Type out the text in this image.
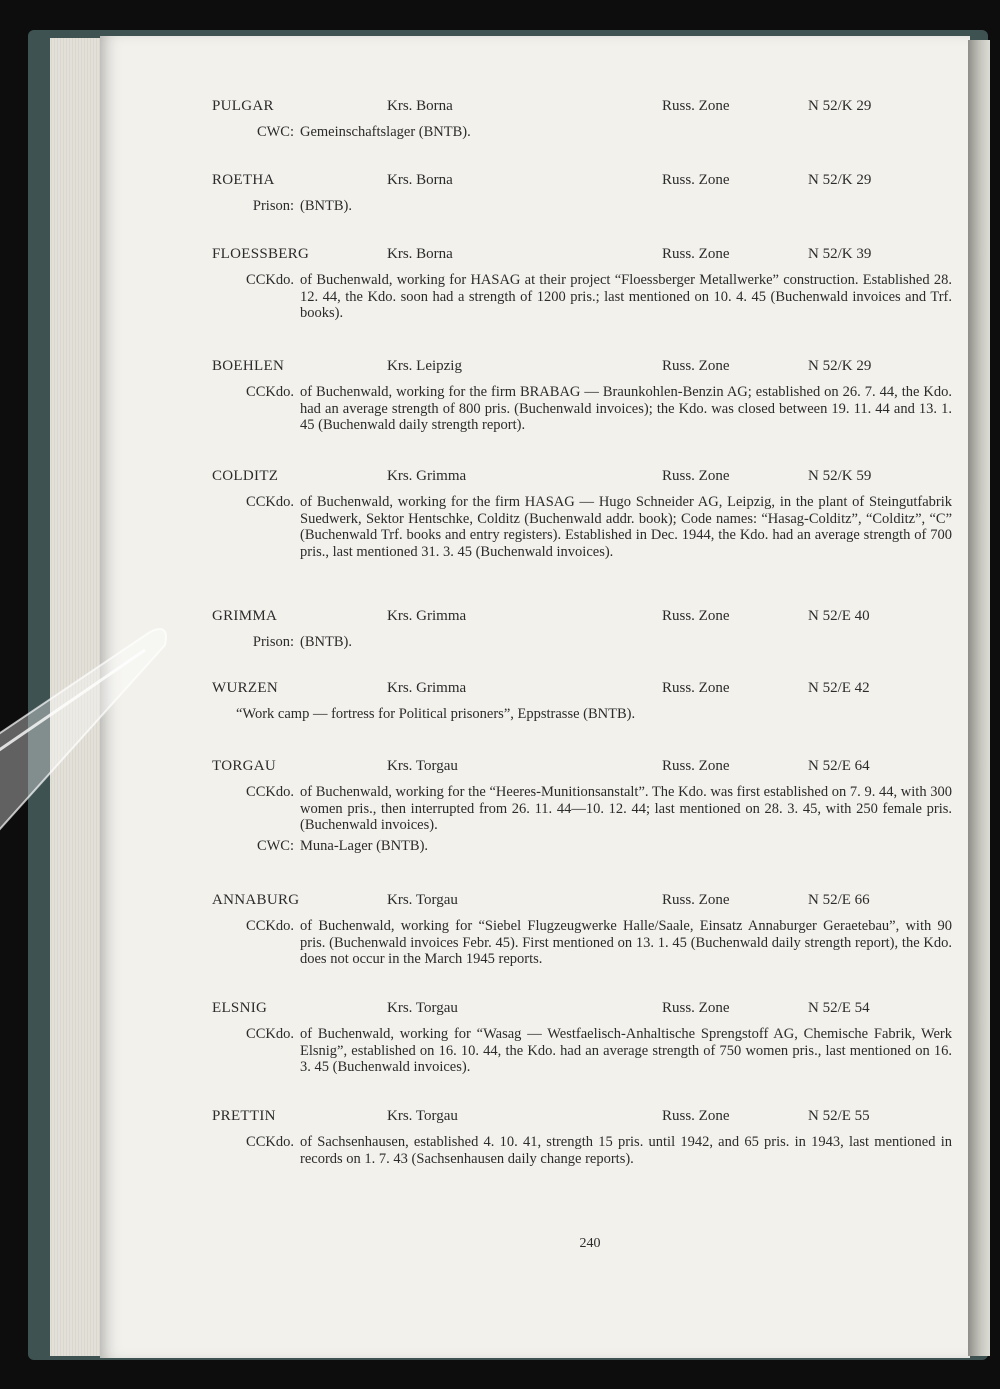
PULGAR	Krs. Borna	Russ. Zone	N 52/K 29
CWC: Gemeinschaftslager (BNTB).
ROETHA	Krs. Borna	Russ. Zone	N 52/K 29
Prison: (BNTB).
FLOESSBERG	Krs. Borna	Russ. Zone	N 52/K 39
CCKdo. of Buchenwald, working for HASAG at their project “Floessberger Metallwerke” construction. Established 28. 12. 44, the Kdo. soon had a strength of 1200 pris.; last mentioned on 10. 4. 45 (Buchenwald invoices and Trf. books).
BOEHLEN	Krs. Leipzig	Russ. Zone	N 52/K 29
CCKdo. of Buchenwald, working for the firm BRABAG — Braunkohlen-Benzin AG; established on 26. 7. 44, the Kdo. had an average strength of 800 pris. (Buchenwald invoices); the Kdo. was closed between 19. 11. 44 and 13. 1. 45 (Buchenwald daily strength report).
COLDITZ	Krs. Grimma	Russ. Zone	N 52/K 59
CCKdo. of Buchenwald, working for the firm HASAG — Hugo Schneider AG, Leipzig, in the plant of Steingutfabrik Suedwerk, Sektor Hentschke, Colditz (Buchenwald addr. book); Code names: “Hasag-Colditz”, “Colditz”, “C” (Buchenwald Trf. books and entry registers). Established in Dec. 1944, the Kdo. had an average strength of 700 pris., last mentioned 31. 3. 45 (Buchenwald invoices).
GRIMMA	Krs. Grimma	Russ. Zone	N 52/E 40
Prison: (BNTB).
WURZEN	Krs. Grimma	Russ. Zone	N 52/E 42
“Work camp — fortress for Political prisoners”, Eppstrasse (BNTB).
TORGAU	Krs. Torgau	Russ. Zone	N 52/E 64
CCKdo. of Buchenwald, working for the “Heeres-Munitionsanstalt”. The Kdo. was first established on 7. 9. 44, with 300 women pris., then interrupted from 26. 11. 44—10. 12. 44; last mentioned on 28. 3. 45, with 250 female pris. (Buchenwald invoices).
CWC: Muna-Lager (BNTB).
ANNABURG	Krs. Torgau	Russ. Zone	N 52/E 66
CCKdo. of Buchenwald, working for “Siebel Flugzeugwerke Halle/Saale, Einsatz Annaburger Geraetebau”, with 90 pris. (Buchenwald invoices Febr. 45). First mentioned on 13. 1. 45 (Buchenwald daily strength report), the Kdo. does not occur in the March 1945 reports.
ELSNIG	Krs. Torgau	Russ. Zone	N 52/E 54
CCKdo. of Buchenwald, working for “Wasag — Westfaelisch-Anhaltische Sprengstoff AG, Chemische Fabrik, Werk Elsnig”, established on 16. 10. 44, the Kdo. had an average strength of 750 women pris., last mentioned on 16. 3. 45 (Buchenwald invoices).
PRETTIN	Krs. Torgau	Russ. Zone	N 52/E 55
CCKdo. of Sachsenhausen, established 4. 10. 41, strength 15 pris. until 1942, and 65 pris. in 1943, last mentioned in records on 1. 7. 43 (Sachsenhausen daily change reports).
240
